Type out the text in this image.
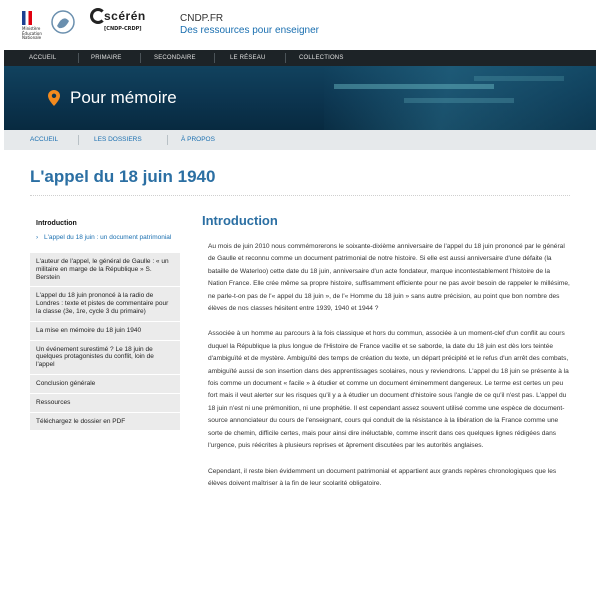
Ministère Éducation Nationale
scérén
[CNDP-CRDP]
CNDP.FR
Des ressources pour enseigner
ACCUEIL	PRIMAIRE	SECONDAIRE	LE RÉSEAU	COLLECTIONS
Pour mémoire
ACCUEIL	LES DOSSIERS	À PROPOS
L'appel du 18 juin 1940
Introduction
› L'appel du 18 juin : un document patrimonial
L'auteur de l'appel, le général de Gaulle : « un militaire en marge de la République » S. Berstein
L'appel du 18 juin prononcé à la radio de Londres : texte et pistes de commentaire pour la classe (3e, 1re, cycle 3 du primaire)
La mise en mémoire du 18 juin 1940
Un événement surestimé ? Le 18 juin de quelques protagonistes du conflit, loin de l'appel
Conclusion générale
Ressources
Téléchargez le dossier en PDF
Introduction

Au mois de juin 2010 nous commémorerons le soixante-dixième anniversaire de l'appel du 18 juin prononcé par le général de Gaulle et reconnu comme un document patrimonial de notre histoire. Si elle est aussi anniversaire d'une défaite (la bataille de Waterloo) cette date du 18 juin, anniversaire d'un acte fondateur, marque incontestablement l'histoire de la Nation France. Elle crée même sa propre histoire, suffisamment efficiente pour ne pas avoir besoin de rappeler le millésime, ne parle-t-on pas de l'« appel du 18 juin », de l'« Homme du 18 juin » sans autre précision, au point que bon nombre des élèves de nos classes hésitent entre 1939, 1940 et 1944 ?

Associée à un homme au parcours à la fois classique et hors du commun, associée à un moment-clef d'un conflit au cours duquel la République la plus longue de l'Histoire de France vacille et se saborde, la date du 18 juin est dès lors teintée d'ambiguïté et de mystère. Ambiguïté des temps de création du texte, un départ précipité et le refus d'un arrêt des combats, ambiguïté aussi de son insertion dans des apprentissages scolaires, nous y reviendrons. L'appel du 18 juin se présente à la fois comme un document « facile » à étudier et comme un document éminemment dangereux. Le terme est certes un peu fort mais il veut alerter sur les risques qu'il y a à étudier un document d'histoire sous l'angle de ce qu'il n'est pas. L'appel du 18 juin n'est ni une prémonition, ni une prophétie. Il est cependant assez souvent utilisé comme une espèce de document-source annonciateur du cours de l'enseignant, cours qui conduit de la résistance à la libération de la France comme une sorte de chemin, difficile certes, mais pour ainsi dire inéluctable, comme inscrit dans ces quelques lignes rédigées dans l'urgence, puis réécrites à plusieurs reprises et âprement discutées par les autorités anglaises.

Cependant, il reste bien évidemment un document patrimonial et appartient aux grands repères chronologiques que les élèves doivent maîtriser à la fin de leur scolarité obligatoire.
